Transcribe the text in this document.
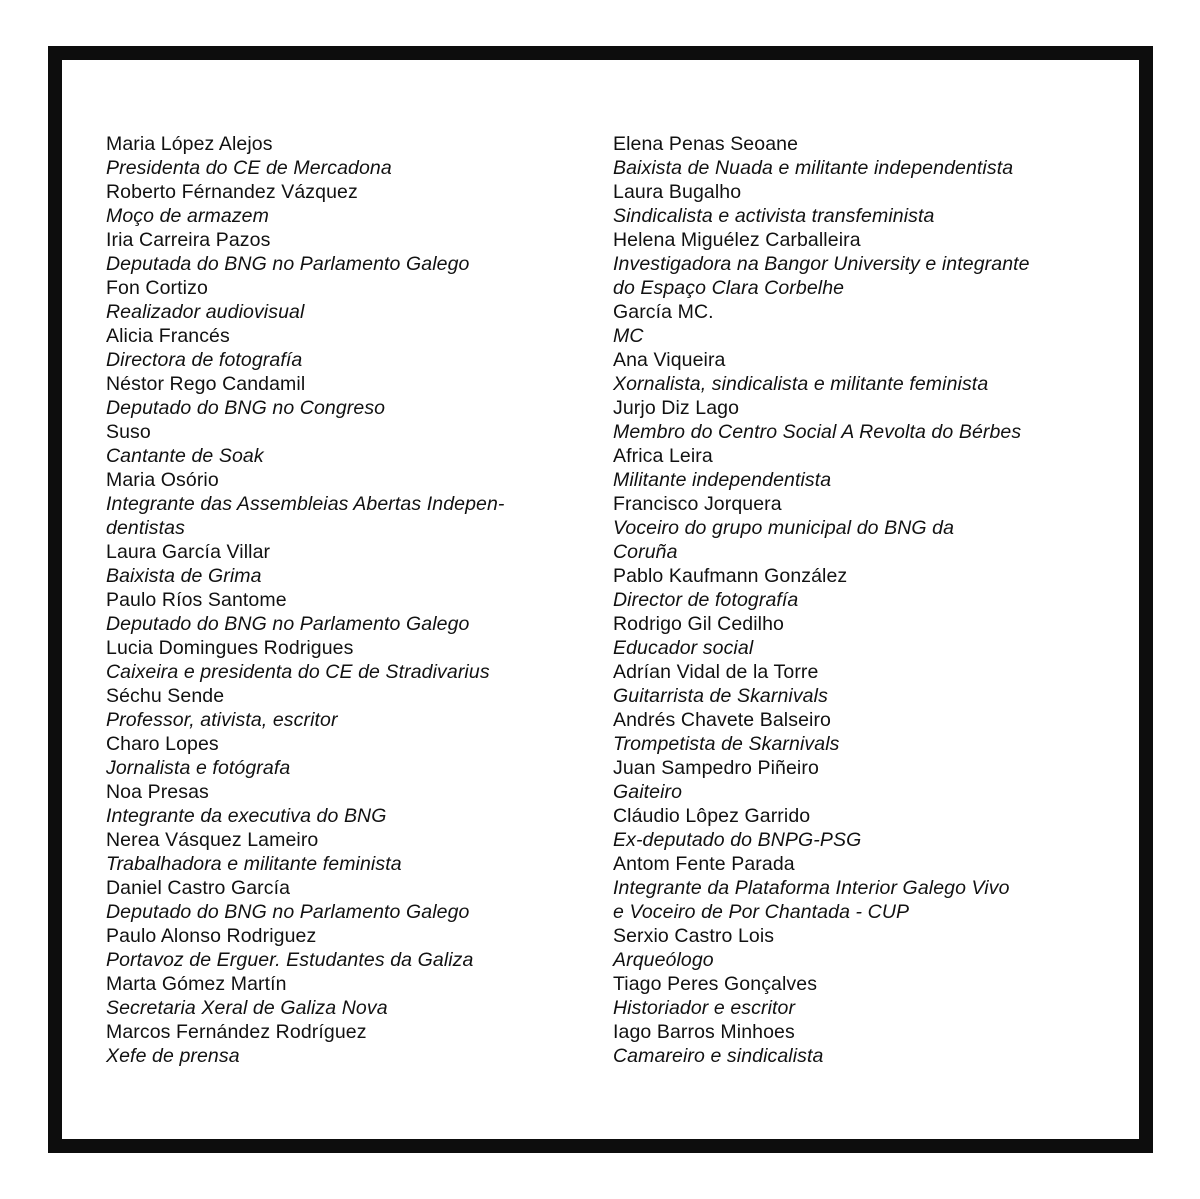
Maria López Alejos
Presidenta do CE de Mercadona
Roberto Férnandez Vázquez
Moço de armazem
Iria Carreira Pazos
Deputada do BNG no Parlamento Galego
Fon Cortizo
Realizador audiovisual
Alicia Francés
Directora de fotografía
Néstor Rego Candamil
Deputado do BNG no Congreso
Suso
Cantante de Soak
Maria Osório
Integrante das Assembleias Abertas Indepen-
dentistas
Laura García Villar
Baixista de Grima
Paulo Ríos Santome
Deputado do BNG no Parlamento Galego
Lucia Domingues Rodrigues
Caixeira e presidenta do CE de Stradivarius
Séchu Sende
Professor, ativista, escritor
Charo Lopes
Jornalista e fotógrafa
Noa Presas
Integrante da executiva do BNG
Nerea Vásquez Lameiro
Trabalhadora e militante feminista
Daniel Castro García
Deputado do BNG no Parlamento Galego
Paulo Alonso Rodriguez
Portavoz de Erguer. Estudantes da Galiza
Marta Gómez Martín
Secretaria Xeral de Galiza Nova
Marcos Fernández Rodríguez
Xefe de prensa
Elena Penas Seoane
Baixista de Nuada e militante independentista
Laura Bugalho
Sindicalista e activista transfeminista
Helena Miguélez Carballeira
Investigadora na Bangor University e integrante
do Espaço Clara Corbelhe
García MC.
MC
Ana Viqueira
Xornalista, sindicalista e militante feminista
Jurjo Diz Lago
Membro do Centro Social A Revolta do Bérbes
Africa Leira
Militante independentista
Francisco Jorquera
Voceiro do grupo municipal do BNG da
Coruña
Pablo Kaufmann González
Director de fotografía
Rodrigo Gil Cedilho
Educador social
Adrían Vidal de la Torre
Guitarrista de Skarnivals
Andrés Chavete Balseiro
Trompetista de Skarnivals
Juan Sampedro Piñeiro
Gaiteiro
Cláudio Lôpez Garrido
Ex-deputado do BNPG-PSG
Antom Fente Parada
Integrante da Plataforma Interior Galego Vivo
e Voceiro de Por Chantada - CUP
Serxio Castro Lois
Arqueólogo
Tiago Peres Gonçalves
Historiador e escritor
Iago Barros Minhoes
Camareiro e sindicalista
